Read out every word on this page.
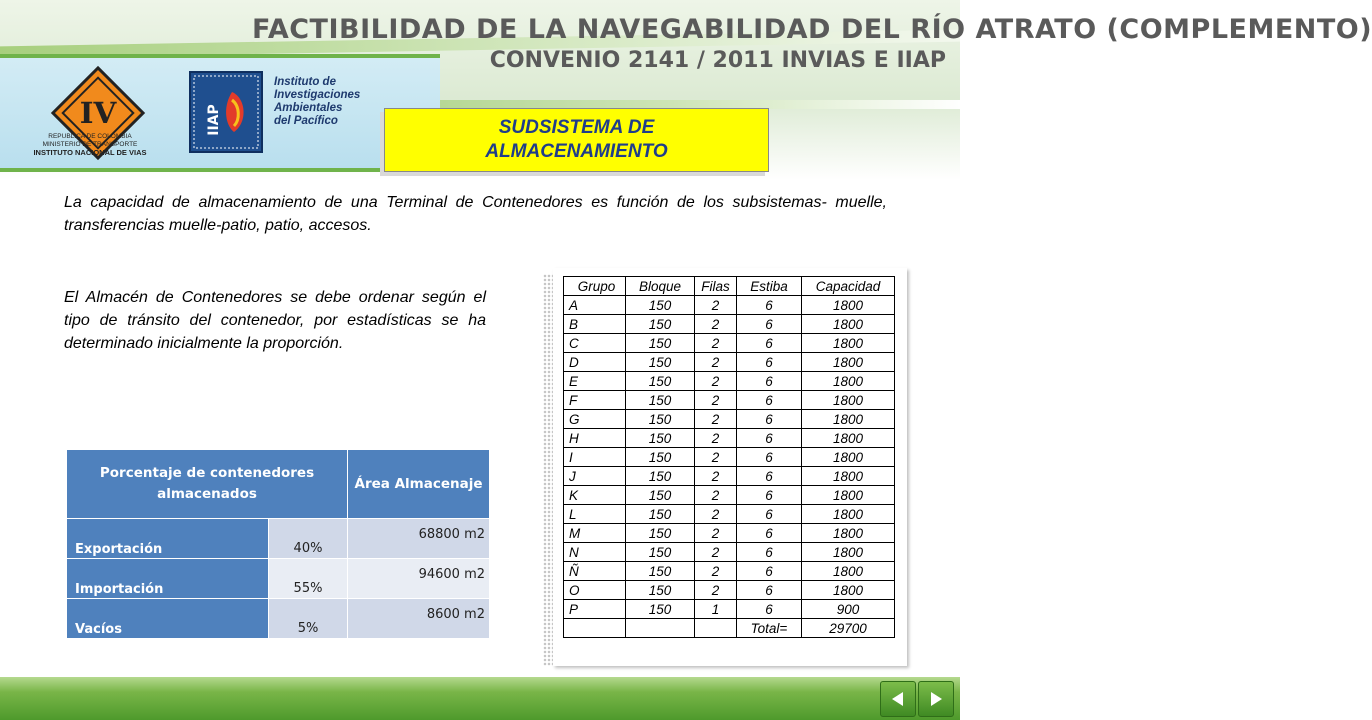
FACTIBILIDAD DE LA NAVEGABILIDAD DEL RÍO ATRATO (COMPLEMENTO)
CONVENIO 2141 / 2011 INVIAS E IIAP
IV
REPUBLICA DE COLOMBIA
MINISTERIO DE TRANSPORTE
INSTITUTO NACIONAL DE VIAS
IIAP
Instituto de
Investigaciones
Ambientales
del Pacífico	SUDSISTEMA DE ALMACENAMIENTO
La capacidad de almacenamiento de una Terminal de Contenedores es función de los subsistemas- muelle, transferencias muelle-patio, patio, accesos.
El Almacén de Contenedores se debe ordenar según el tipo de tránsito del contenedor, por estadísticas se ha determinado inicialmente la proporción.
Porcentaje de contenedores almacenados		Área Almacenaje
Exportación	40%	68800 m2
Importación	55%	94600 m2
Vacíos	5%	8600 m2
Grupo	Bloque	Filas	Estiba	Capacidad
A	150	2	6	1800
B	150	2	6	1800
C	150	2	6	1800
D	150	2	6	1800
E	150	2	6	1800
F	150	2	6	1800
G	150	2	6	1800
H	150	2	6	1800
I	150	2	6	1800
J	150	2	6	1800
K	150	2	6	1800
L	150	2	6	1800
M	150	2	6	1800
N	150	2	6	1800
Ñ	150	2	6	1800
O	150	2	6	1800
P	150	1	6	900
			Total=	29700
